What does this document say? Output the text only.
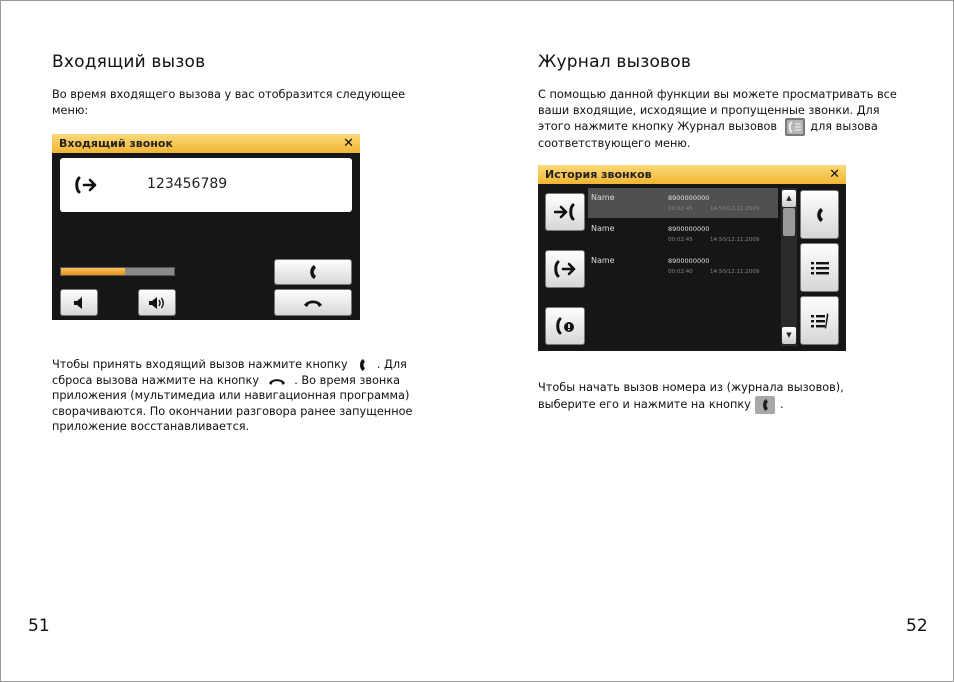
Входящий вызов
Во время входящего вызова у вас отобразится следующее
меню:
Входящий звонок	✕
123456789
Чтобы принять входящий вызов нажмите кнопку	. Для
сброса вызова нажмите на кнопку	. Во время звонка
приложения (мультимедиа или навигационная программа)
сворачиваются. По окончании разговора ранее запущенное
приложение восстанавливается.
51
Журнал вызовов
С помощью данной функции вы можете просматривать все
ваши входящие, исходящие и пропущенные звонки. Для
этого нажмите кнопку Журнал вызовов	для вызова
соответствующего меню.
История звонков	✕
Name	8900000000
00:02:45	14:50/12.11.2009
Name	8900000000
00:02:45	14:50/12.11.2009
Name	8900000000
00:02:40	14:50/12.11.2009
▲
▼
Чтобы начать вызов номера из (журнала вызовов),
выберите его и нажмите на кнопку	.
52
